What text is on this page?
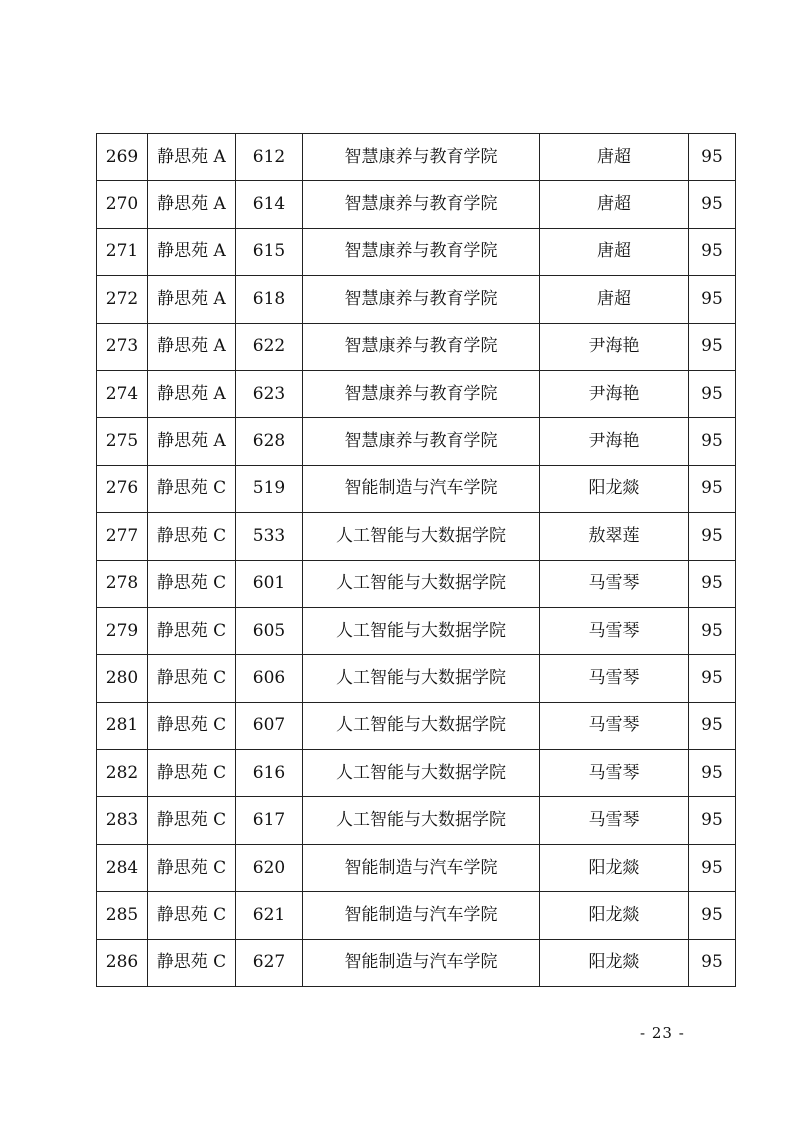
269	静思苑 A	612	智慧康养与教育学院	唐超	95
270	静思苑 A	614	智慧康养与教育学院	唐超	95
271	静思苑 A	615	智慧康养与教育学院	唐超	95
272	静思苑 A	618	智慧康养与教育学院	唐超	95
273	静思苑 A	622	智慧康养与教育学院	尹海艳	95
274	静思苑 A	623	智慧康养与教育学院	尹海艳	95
275	静思苑 A	628	智慧康养与教育学院	尹海艳	95
276	静思苑 C	519	智能制造与汽车学院	阳龙燚	95
277	静思苑 C	533	人工智能与大数据学院	敖翠莲	95
278	静思苑 C	601	人工智能与大数据学院	马雪琴	95
279	静思苑 C	605	人工智能与大数据学院	马雪琴	95
280	静思苑 C	606	人工智能与大数据学院	马雪琴	95
281	静思苑 C	607	人工智能与大数据学院	马雪琴	95
282	静思苑 C	616	人工智能与大数据学院	马雪琴	95
283	静思苑 C	617	人工智能与大数据学院	马雪琴	95
284	静思苑 C	620	智能制造与汽车学院	阳龙燚	95
285	静思苑 C	621	智能制造与汽车学院	阳龙燚	95
286	静思苑 C	627	智能制造与汽车学院	阳龙燚	95
- 23 -
